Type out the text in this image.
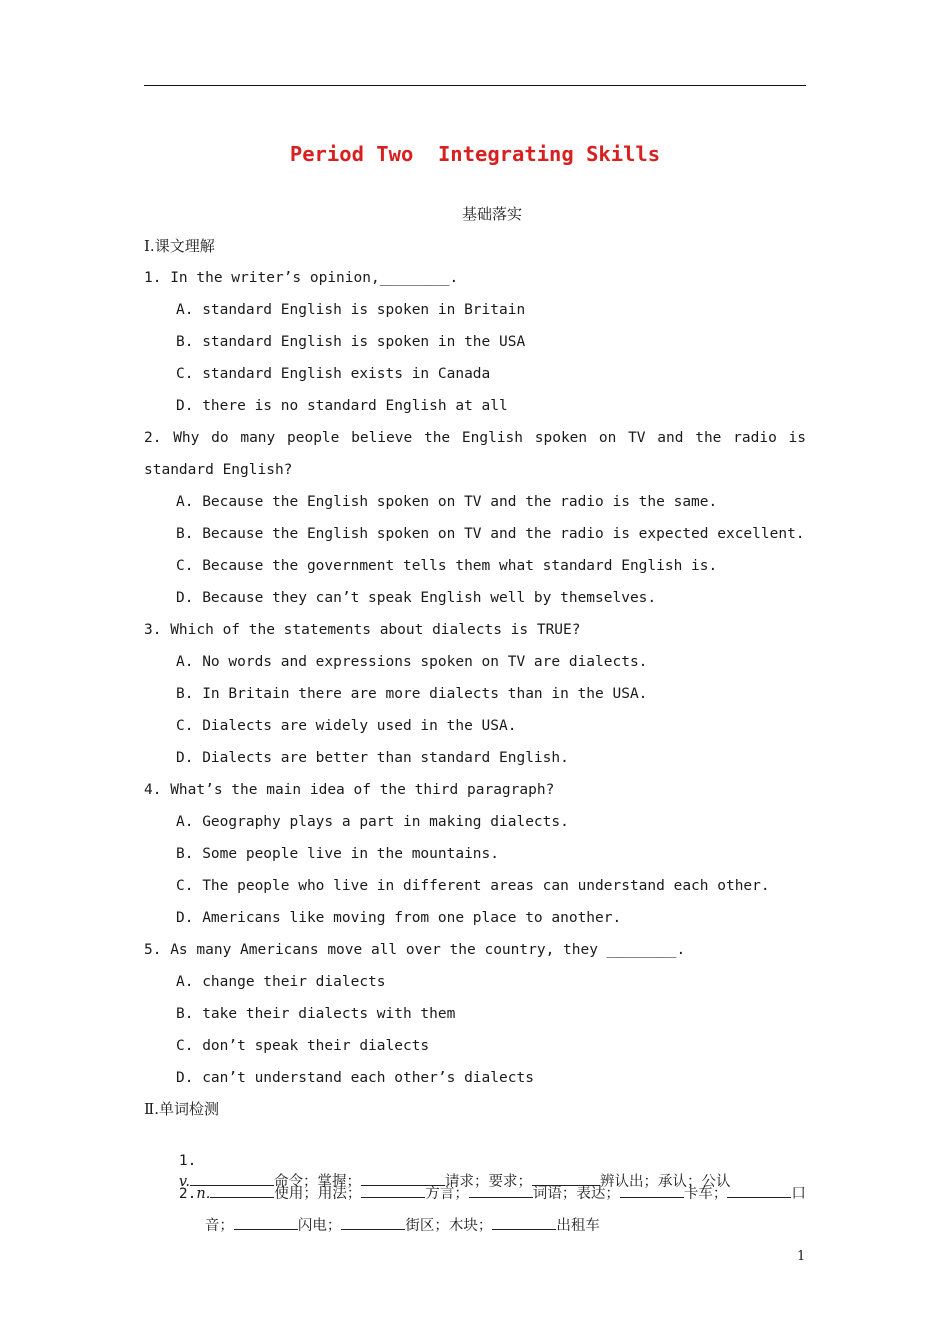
Period Two  Integrating Skills
基础落实
Ⅰ.课文理解
1. In the writer’s opinion,________.
A. standard English is spoken in Britain
B. standard English is spoken in the USA
C. standard English exists in Canada
D. there is no standard English at all
2. Why do many people believe the English spoken on TV and the radio is
standard English?
A. Because the English spoken on TV and the radio is the same.
B. Because the English spoken on TV and the radio is expected excellent.
C. Because the government tells them what standard English is.
D. Because they can’t speak English well by themselves.
3. Which of the statements about dialects is TRUE?
A. No words and expressions spoken on TV are dialects.
B. In Britain there are more dialects than in the USA.
C. Dialects are widely used in the USA.
D. Dialects are better than standard English.
4. What’s the main idea of the third paragraph?
A. Geography plays a part in making dialects.
B. Some people live in the mountains.
C. The people who live in different areas can understand each other.
D. Americans like moving from one place to another.
5. As many Americans move all over the country, they ________.
A. change their dialects
B. take their dialects with them
C. don’t speak their dialects
D. can’t understand each other’s dialects
Ⅱ.单词检测

1.
v.	命令；掌握；	请求；要求；	辨认出；承认；公认

2.n.	使用；用法；	方言；	词语；表达；	卡车；	口

音；	闪电；	街区；木块；	出租车

1
